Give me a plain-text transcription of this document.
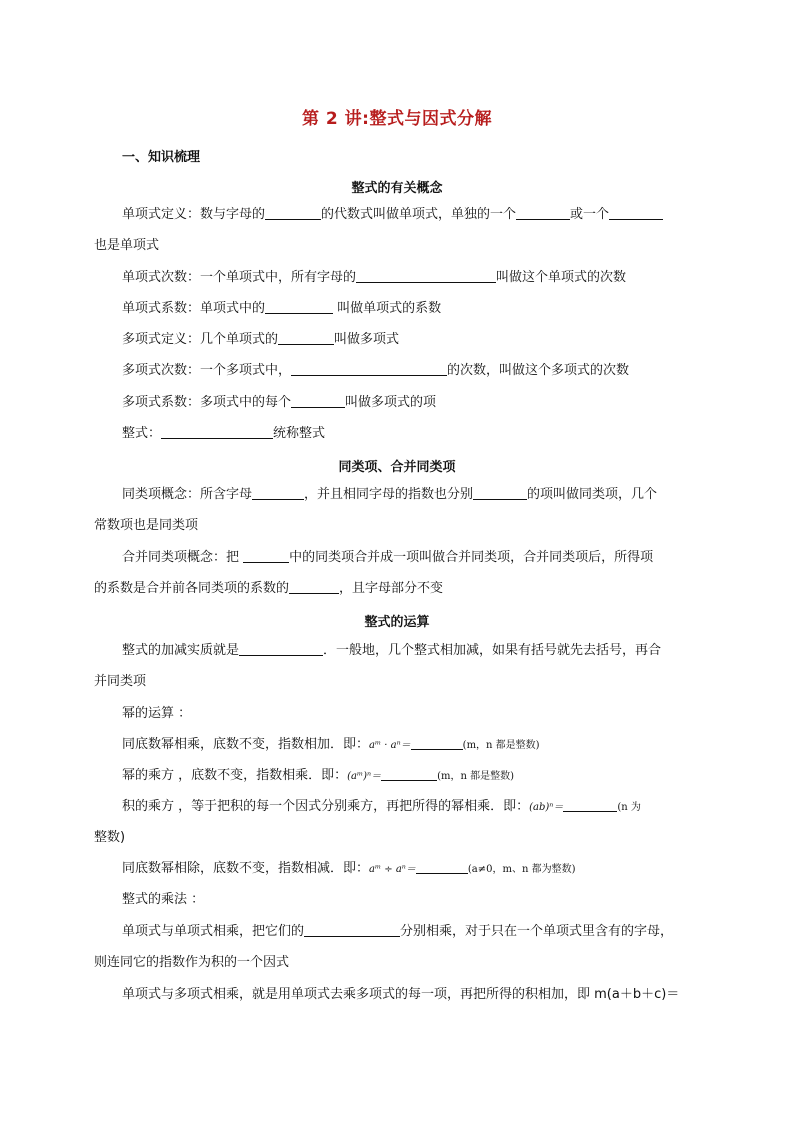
第 2 讲:整式与因式分解
一、知识梳理
整式的有关概念
单项式定义：数与字母的	的代数式叫做单项式，单独的一个	或一个
也是单项式
单项式次数：一个单项式中，所有字母的	叫做这个单项式的次数
单项式系数：单项式中的	叫做单项式的系数
多项式定义：几个单项式的	叫做多项式
多项式次数：一个多项式中，	的次数，叫做这个多项式的次数
多项式系数：多项式中的每个	叫做多项式的项
整式：	统称整式
同类项、合并同类项
同类项概念：所含字母	，并且相同字母的指数也分别	的项叫做同类项，几个
常数项也是同类项
合并同类项概念：把	中的同类项合并成一项叫做合并同类项，合并同类项后，所得项
的系数是合并前各同类项的系数的	，且字母部分不变
整式的运算
整式的加减实质就是	．一般地，几个整式相加减，如果有括号就先去括号，再合
并同类项
幂的运算 ：
同底数幂相乘，底数不变，指数相加．即：aᵐ · aⁿ＝	(m，n 都是整数)
幂的乘方 ，底数不变，指数相乘．即：(aᵐ)ⁿ＝	(m，n 都是整数)
积的乘方 ，等于把积的每一个因式分别乘方，再把所得的幂相乘．即：(ab)ⁿ＝	(n 为
整数)
同底数幂相除，底数不变，指数相减．即：aᵐ ÷ aⁿ＝	(a≠0，m、n 都为整数)
整式的乘法 ：
单项式与单项式相乘，把它们的	分别相乘，对于只在一个单项式里含有的字母，
则连同它的指数作为积的一个因式
单项式与多项式相乘，就是用单项式去乘多项式的每一项，再把所得的积相加，即 m(a＋b＋c)＝
